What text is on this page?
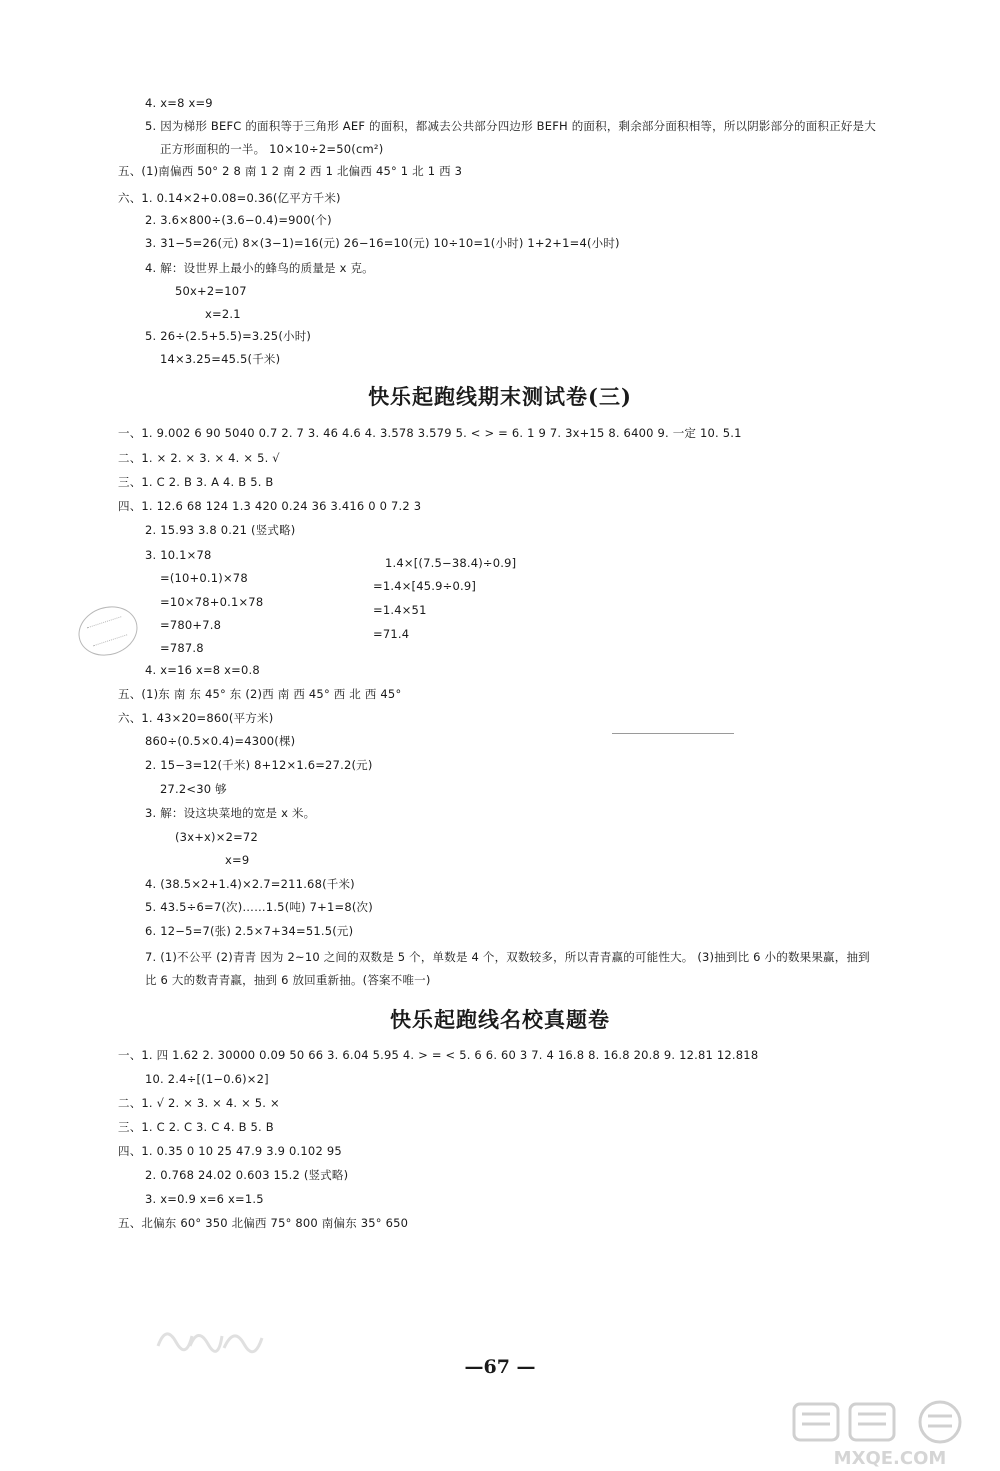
4. x=8 x=9
5. 因为梯形 BEFC 的面积等于三角形 AEF 的面积，都减去公共部分四边形 BEFH 的面积，剩余部分面积相等，所以阴影部分的面积正好是大
正方形面积的一半。 10×10÷2=50(cm²)
五、(1)南偏西 50° 2 8 南 1 2 南 2 西 1 北偏西 45° 1 北 1 西 3
六、1. 0.14×2+0.08=0.36(亿平方千米)
2. 3.6×800÷(3.6−0.4)=900(个)
3. 31−5=26(元) 8×(3−1)=16(元) 26−16=10(元) 10÷10=1(小时) 1+2+1=4(小时)
4. 解：设世界上最小的蜂鸟的质量是 x 克。
50x+2=107
x=2.1
5. 26÷(2.5+5.5)=3.25(小时)
14×3.25=45.5(千米)
一、1. 9.002 6 90 5040 0.7 2. 7 3. 46 4.6 4. 3.578 3.579 5. < > = 6. 1 9 7. 3x+15 8. 6400 9. 一定 10. 5.1
二、1. × 2. × 3. × 4. × 5. √
三、1. C 2. B 3. A 4. B 5. B
四、1. 12.6 68 124 1.3 420 0.24 36 3.416 0 0 7.2 3
2. 15.93 3.8 0.21 (竖式略)
3. 10.1×78
1.4×[(7.5−38.4)÷0.9]
=(10+0.1)×78
=1.4×[45.9÷0.9]
=10×78+0.1×78
=1.4×51
=780+7.8
=71.4
=787.8
4. x=16 x=8 x=0.8
五、(1)东 南 东 45° 东 (2)西 南 西 45° 西 北 西 45°
六、1. 43×20=860(平方米)
860÷(0.5×0.4)=4300(棵)
2. 15−3=12(千米) 8+12×1.6=27.2(元)
27.2<30 够
3. 解：设这块菜地的宽是 x 米。
(3x+x)×2=72
x=9
4. (38.5×2+1.4)×2.7=211.68(千米)
5. 43.5÷6=7(次)……1.5(吨) 7+1=8(次)
6. 12−5=7(张) 2.5×7+34=51.5(元)
7. (1)不公平 (2)青青 因为 2~10 之间的双数是 5 个，单数是 4 个，双数较多，所以青青赢的可能性大。 (3)抽到比 6 小的数果果赢，抽到
比 6 大的数青青赢，抽到 6 放回重新抽。(答案不唯一)
一、1. 四 1.62 2. 30000 0.09 50 66 3. 6.04 5.95 4. > = < 5. 6 6. 60 3 7. 4 16.8 8. 16.8 20.8 9. 12.81 12.818
10. 2.4÷[(1−0.6)×2]
二、1. √ 2. × 3. × 4. × 5. ×
三、1. C 2. C 3. C 4. B 5. B
四、1. 0.35 0 10 25 47.9 3.9 0.102 95
2. 0.768 24.02 0.603 15.2 (竖式略)
3. x=0.9 x=6 x=1.5
五、北偏东 60° 350 北偏西 75° 800 南偏东 35° 650
快乐起跑线期末测试卷(三)
快乐起跑线名校真题卷
—67 —
MXQE.COM
